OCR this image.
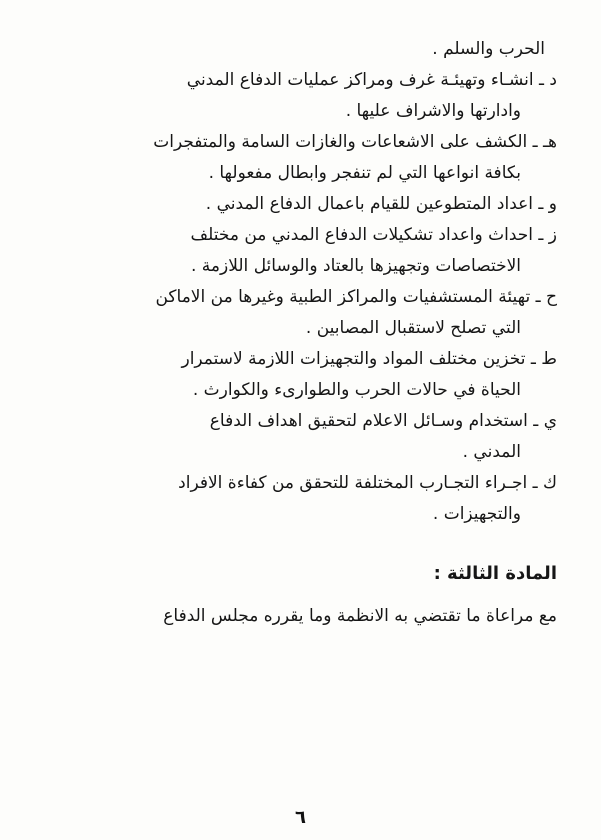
الحرب والسلم .
د ـ انشـاء وتهيئـة غرف ومراكز عمليات الدفاع المدني
وادارتها والاشراف عليها .
هـ ـ الكشف على الاشعاعات والغازات السامة والمتفجرات
بكافة انواعها التي لم تنفجر وابطال مفعولها .
و ـ اعداد المتطوعين للقيام باعمال الدفاع المدني .
ز ـ احداث واعداد تشكيلات الدفاع المدني من مختلف
الاختصاصات وتجهيزها بالعتاد والوسائل اللازمة .
ح ـ تهيئة المستشفيات والمراكز الطبية وغيرها من الاماكن
التي تصلح لاستقبال المصابين .
ط ـ تخزين مختلف المواد والتجهيزات اللازمة لاستمرار
الحياة في حالات الحرب والطوارىء والكوارث .
ي ـ استخدام وسـائل الاعلام لتحقيق اهداف الدفاع
المدني .
ك ـ اجـراء التجـارب المختلفة للتحقق من كفاءة الافراد
والتجهيزات .
المادة الثالثة :
مع مراعاة ما تقتضي به الانظمة وما يقرره مجلس الدفاع
٦
